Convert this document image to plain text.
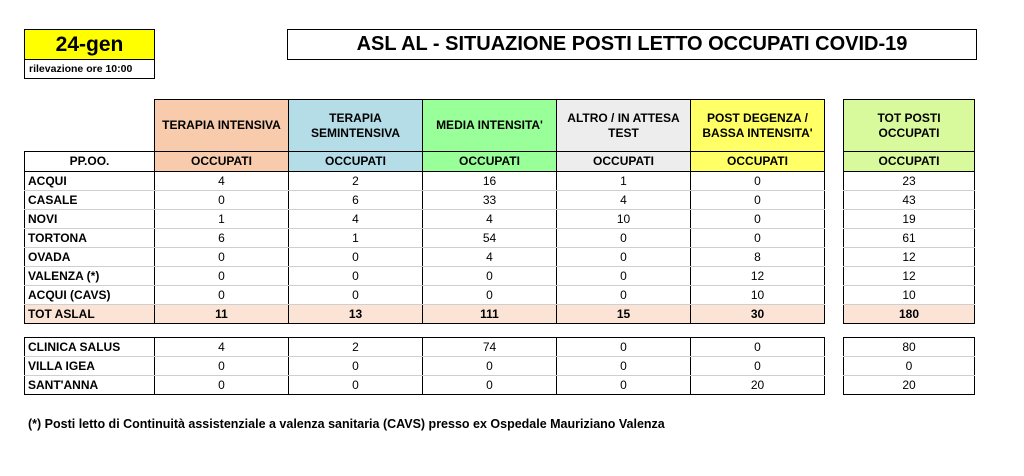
24-gen
rilevazione ore 10:00
ASL AL - SITUAZIONE POSTI LETTO OCCUPATI COVID-19
	TERAPIA INTENSIVA	TERAPIA SEMINTENSIVA	MEDIA INTENSITA'	ALTRO / IN ATTESA TEST	POST DEGENZA / BASSA INTENSITA'		TOT POSTI OCCUPATI
PP.OO.	OCCUPATI	OCCUPATI	OCCUPATI	OCCUPATI	OCCUPATI		OCCUPATI
ACQUI	4	2	16	1	0		23
CASALE	0	6	33	4	0		43
NOVI	1	4	4	10	0		19
TORTONA	6	1	54	0	0		61
OVADA	0	0	4	0	8		12
VALENZA (*)	0	0	0	0	12		12
ACQUI (CAVS)	0	0	0	0	10		10
TOT ASLAL	11	13	111	15	30		180
CLINICA SALUS	4	2	74	0	0		80
VILLA IGEA	0	0	0	0	0		0
SANT'ANNA	0	0	0	0	20		20
(*) Posti letto di Continuità assistenziale a valenza sanitaria (CAVS) presso ex Ospedale Mauriziano Valenza
